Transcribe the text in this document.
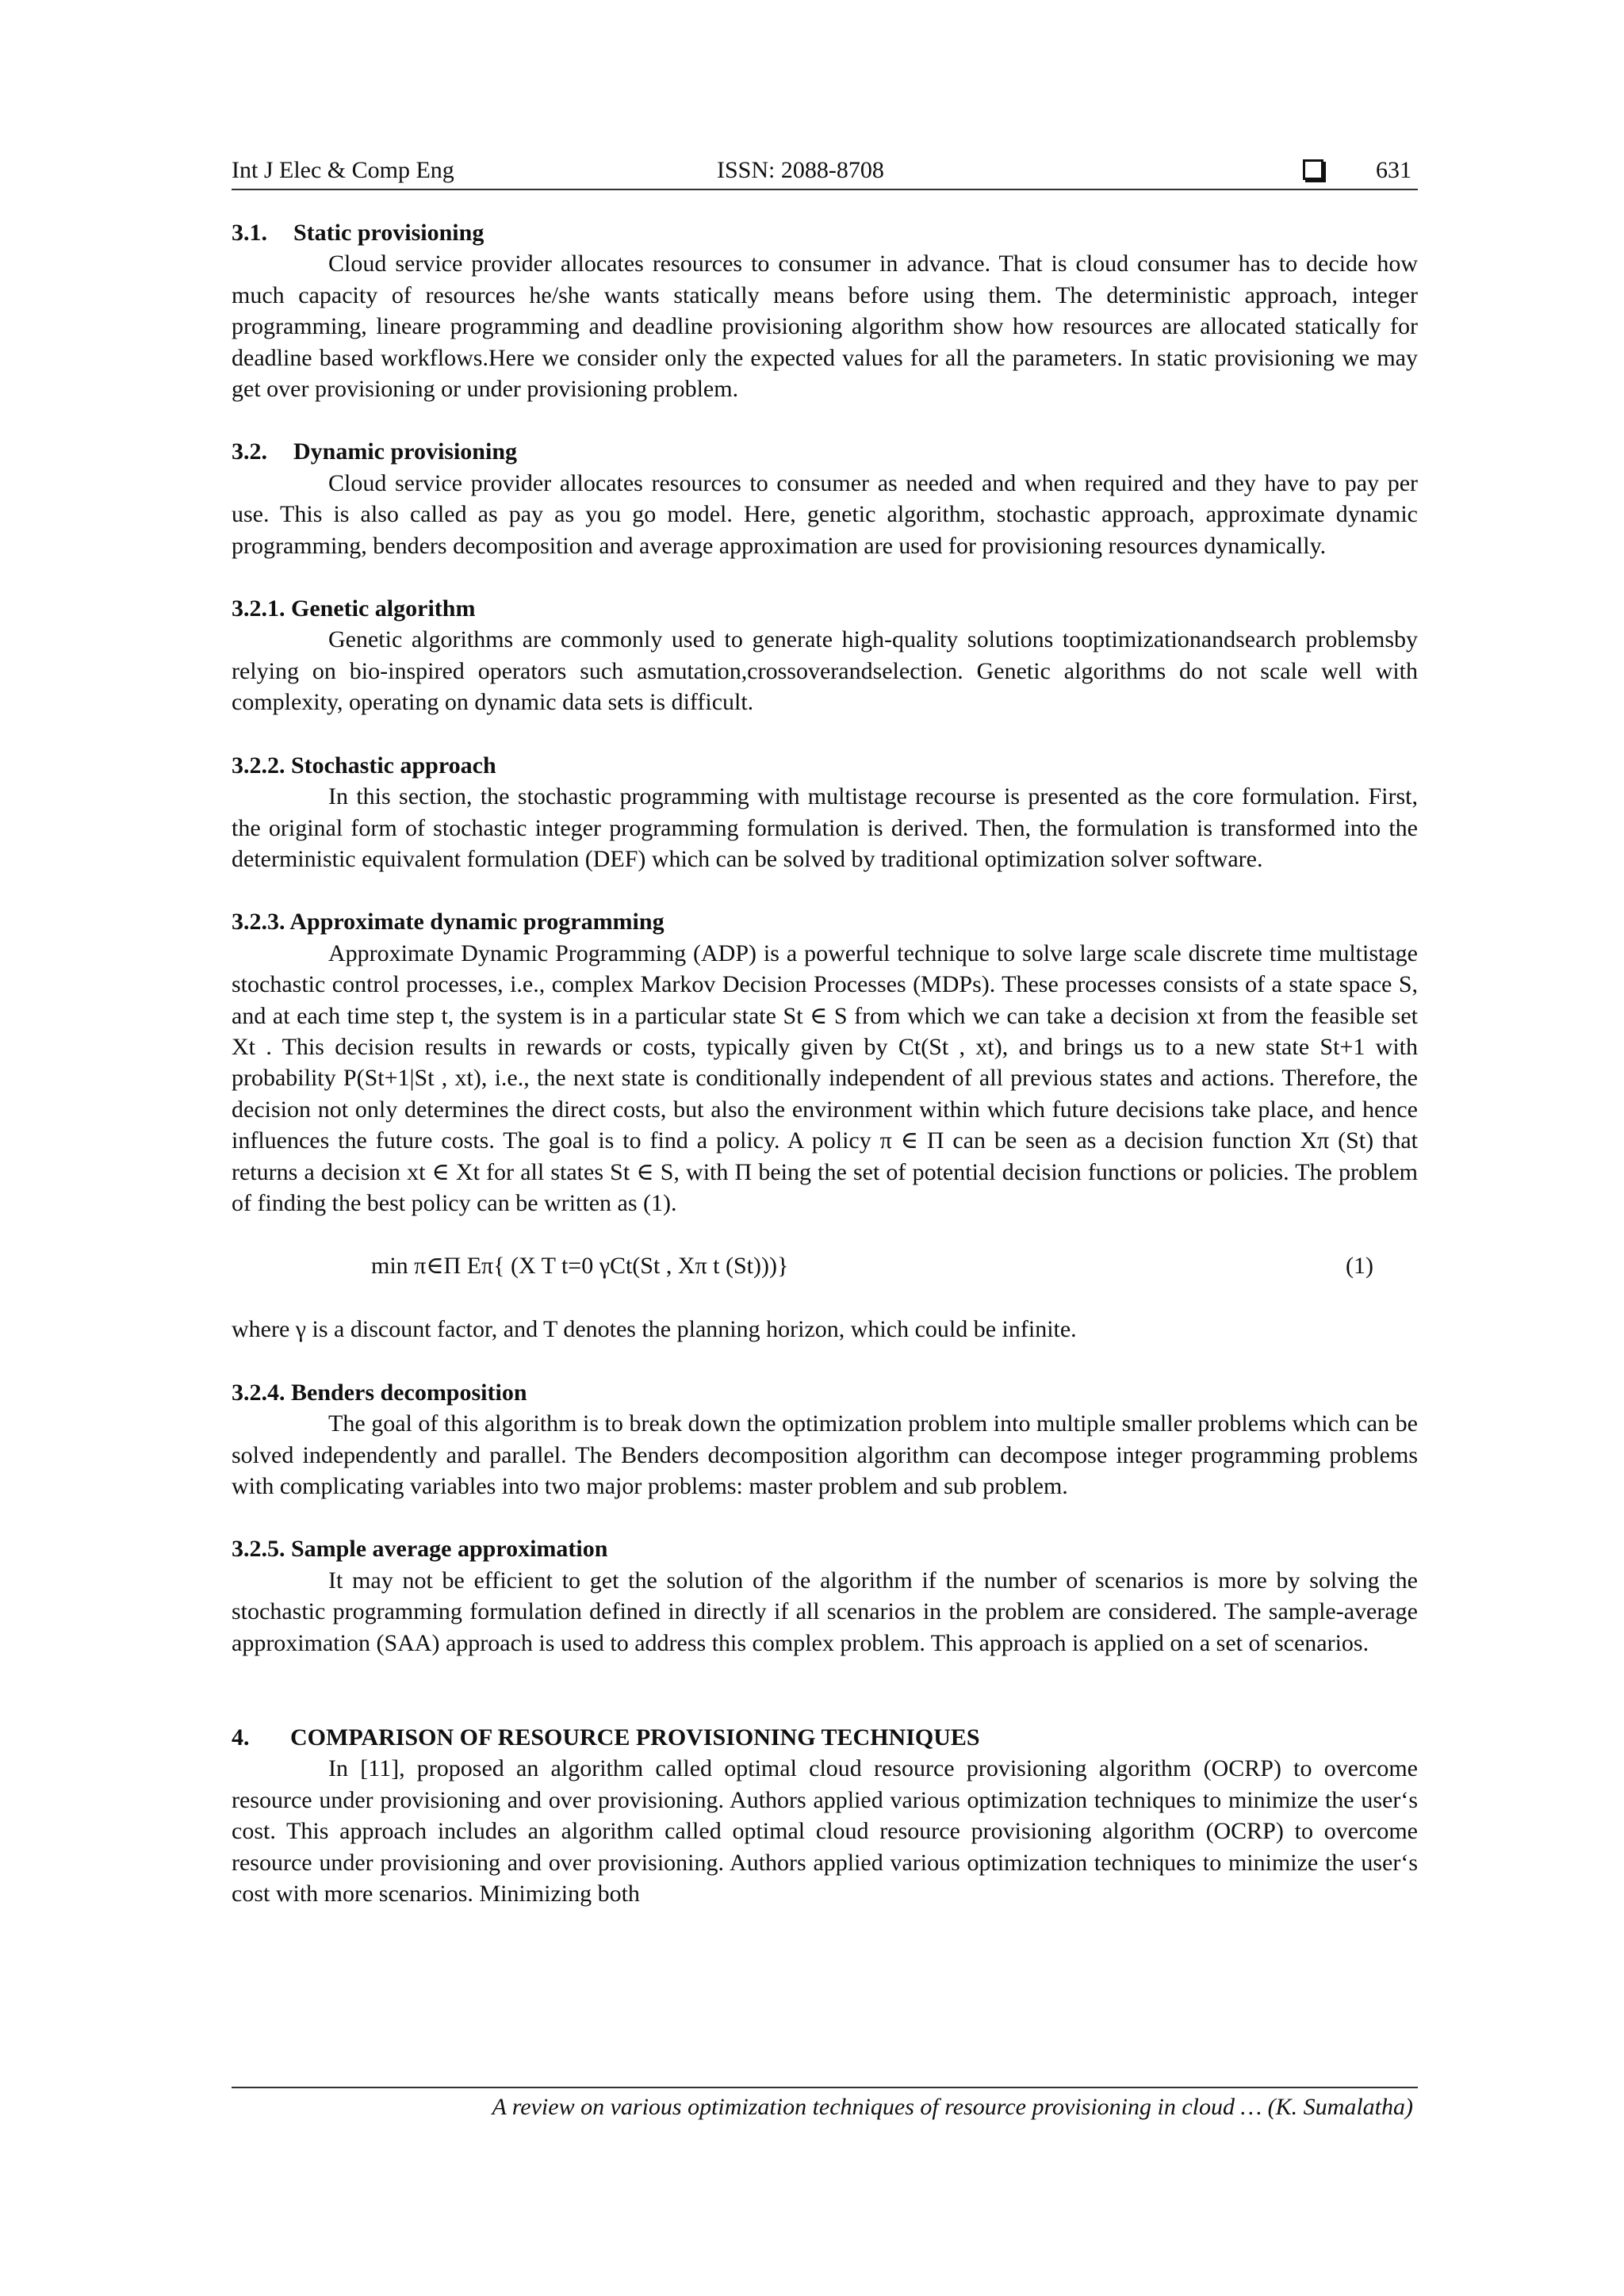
Int J Elec & Comp Eng	ISSN: 2088-8708	631
3.1. Static provisioning

Cloud service provider allocates resources to consumer in advance. That is cloud consumer has to decide how much capacity of resources he/she wants statically means before using them. The deterministic approach, integer programming, lineare programming and deadline provisioning algorithm show how resources are allocated statically for deadline based workflows.Here we consider only the expected values for all the parameters. In static provisioning we may get over provisioning or under provisioning problem.

3.2. Dynamic provisioning

Cloud service provider allocates resources to consumer as needed and when required and they have to pay per use. This is also called as pay as you go model. Here, genetic algorithm, stochastic approach, approximate dynamic programming, benders decomposition and average approximation are used for provisioning resources dynamically.

3.2.1. Genetic algorithm

Genetic algorithms are commonly used to generate high-quality solutions tooptimizationandsearch problemsby relying on bio-inspired operators such asmutation,crossoverandselection. Genetic algorithms do not scale well with complexity, operating on dynamic data sets is difficult.

3.2.2. Stochastic approach

In this section, the stochastic programming with multistage recourse is presented as the core formulation. First, the original form of stochastic integer programming formulation is derived. Then, the formulation is transformed into the deterministic equivalent formulation (DEF) which can be solved by traditional optimization solver software.

3.2.3. Approximate dynamic programming

Approximate Dynamic Programming (ADP) is a powerful technique to solve large scale discrete time multistage stochastic control processes, i.e., complex Markov Decision Processes (MDPs). These processes consists of a state space S, and at each time step t, the system is in a particular state St ∈ S from which we can take a decision xt from the feasible set Xt . This decision results in rewards or costs, typically given by Ct(St , xt), and brings us to a new state St+1 with probability P(St+1|St , xt), i.e., the next state is conditionally independent of all previous states and actions. Therefore, the decision not only determines the direct costs, but also the environment within which future decisions take place, and hence influences the future costs. The goal is to find a policy. A policy π ∈ Π can be seen as a decision function Xπ (St) that returns a decision xt ∈ Xt for all states St ∈ S, with Π being the set of potential decision functions or policies. The problem of finding the best policy can be written as (1).

min π∈Π Eπ{ (X T t=0 γCt(St , Xπ t (St)))}	(1)

where γ is a discount factor, and T denotes the planning horizon, which could be infinite.

3.2.4. Benders decomposition

The goal of this algorithm is to break down the optimization problem into multiple smaller problems which can be solved independently and parallel. The Benders decomposition algorithm can decompose integer programming problems with complicating variables into two major problems: master problem and sub problem.

3.2.5. Sample average approximation

It may not be efficient to get the solution of the algorithm if the number of scenarios is more by solving the stochastic programming formulation defined in directly if all scenarios in the problem are considered. The sample-average approximation (SAA) approach is used to address this complex problem. This approach is applied on a set of scenarios.

4. COMPARISON OF RESOURCE PROVISIONING TECHNIQUES

In [11], proposed an algorithm called optimal cloud resource provisioning algorithm (OCRP) to overcome resource under provisioning and over provisioning. Authors applied various optimization techniques to minimize the user‘s cost. This approach includes an algorithm called optimal cloud resource provisioning algorithm (OCRP) to overcome resource under provisioning and over provisioning. Authors applied various optimization techniques to minimize the user‘s cost with more scenarios. Minimizing both

A review on various optimization techniques of resource provisioning in cloud … (K. Sumalatha)
